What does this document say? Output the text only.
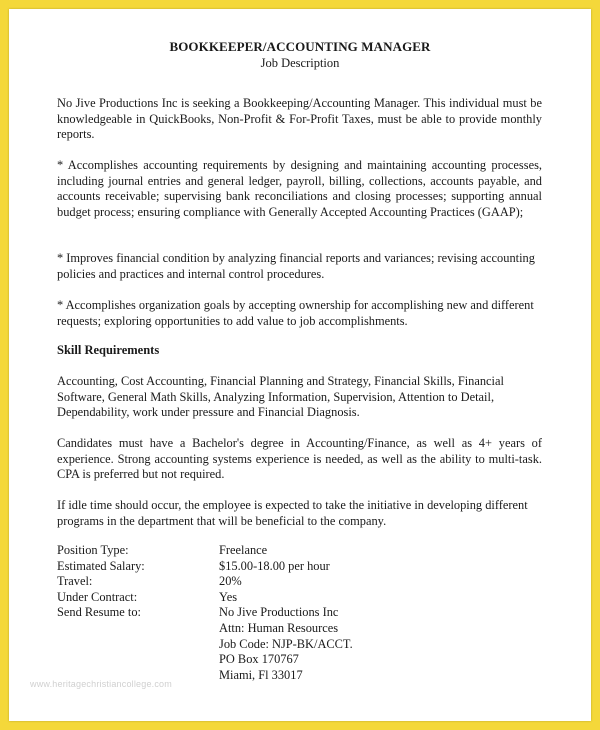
BOOKKEEPER/ACCOUNTING MANAGER
Job Description
No Jive Productions Inc is seeking a Bookkeeping/Accounting Manager. This individual must be knowledgeable in QuickBooks, Non-Profit & For-Profit Taxes, must be able to provide monthly reports.
* Accomplishes accounting requirements by designing and maintaining accounting processes, including journal entries and general ledger, payroll, billing, collections, accounts payable, and accounts receivable; supervising bank reconciliations and closing processes; supporting annual budget process; ensuring compliance with Generally Accepted Accounting Practices (GAAP);
* Improves financial condition by analyzing financial reports and variances; revising accounting policies and practices and internal control procedures.
* Accomplishes organization goals by accepting ownership for accomplishing new and different requests; exploring opportunities to add value to job accomplishments.
Skill Requirements
Accounting, Cost Accounting, Financial Planning and Strategy, Financial Skills, Financial Software, General Math Skills, Analyzing Information, Supervision, Attention to Detail, Dependability, work under pressure and Financial Diagnosis.
Candidates must have a Bachelor's degree in Accounting/Finance, as well as 4+ years of experience. Strong accounting systems experience is needed, as well as the ability to multi-task. CPA is preferred but not required.
If idle time should occur, the employee is expected to take the initiative in developing different programs in the department that will be beneficial to the company.
Position Type:	Freelance
Estimated Salary:	$15.00-18.00 per hour
Travel:	20%
Under Contract:	Yes
Send Resume to:	No Jive Productions Inc
Attn: Human Resources
Job Code: NJP-BK/ACCT.
PO Box 170767
Miami, Fl 33017
www.heritagechristiancollege.com
